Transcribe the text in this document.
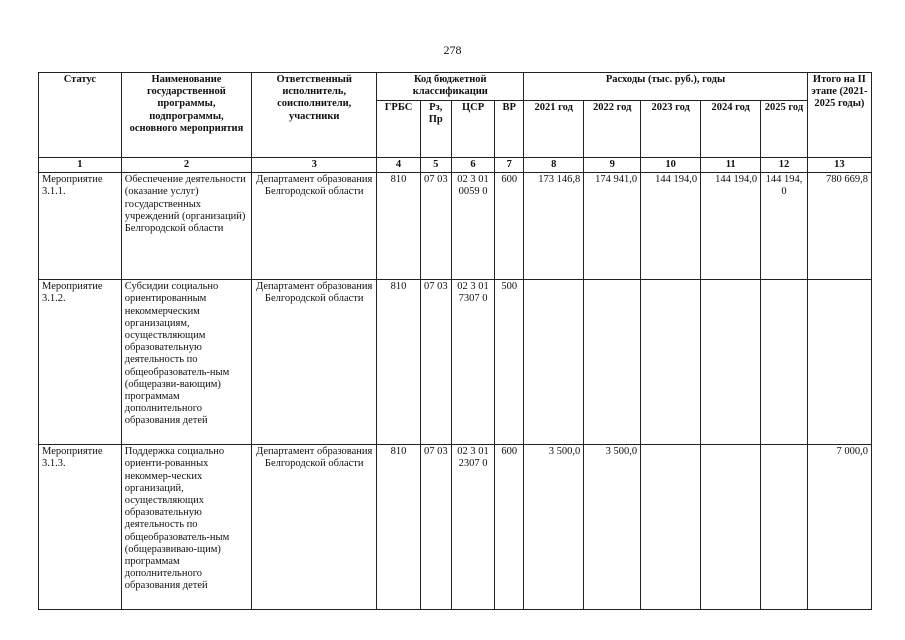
278
Статус	Наименование государственной программы, подпрограммы, основного мероприятия	Ответственный исполнитель, соисполнители, участники	Код бюджетной классификации				Расходы (тыс. руб.), годы					Итого на II этапе (2021-2025 годы)
			ГРБС	Рз, Пр	ЦСР	ВР	2021 год	2022 год	2023 год	2024 год	2025 год	
1	2	3	4	5	6	7	8	9	10	11	12	13
Мероприятие 3.1.1.	Обеспечение деятельности (оказание услуг) государственных учреждений (организаций) Белгородской области	Департамент образования Белгородской области	810	07 03	02 3 01 0059 0	600	173 146,8	174 941,0	144 194,0	144 194,0	144 194, 0	780 669,8
Мероприятие 3.1.2.	Субсидии социально ориентированным некоммерческим организациям, осуществляющим образовательную деятельность по общеобразователь-ным (общеразви-вающим) программам дополнительного образования детей	Департамент образования Белгородской области	810	07 03	02 3 01 7307 0	500						
Мероприятие 3.1.3.	Поддержка социально ориенти-рованных некоммер-ческих организаций, осуществляющих образовательную деятельность по общеобразователь-ным (общеразвиваю-щим) программам дополнительного образования детей	Департамент образования Белгородской области	810	07 03	02 3 01 2307 0	600	3 500,0	3 500,0				7 000,0
